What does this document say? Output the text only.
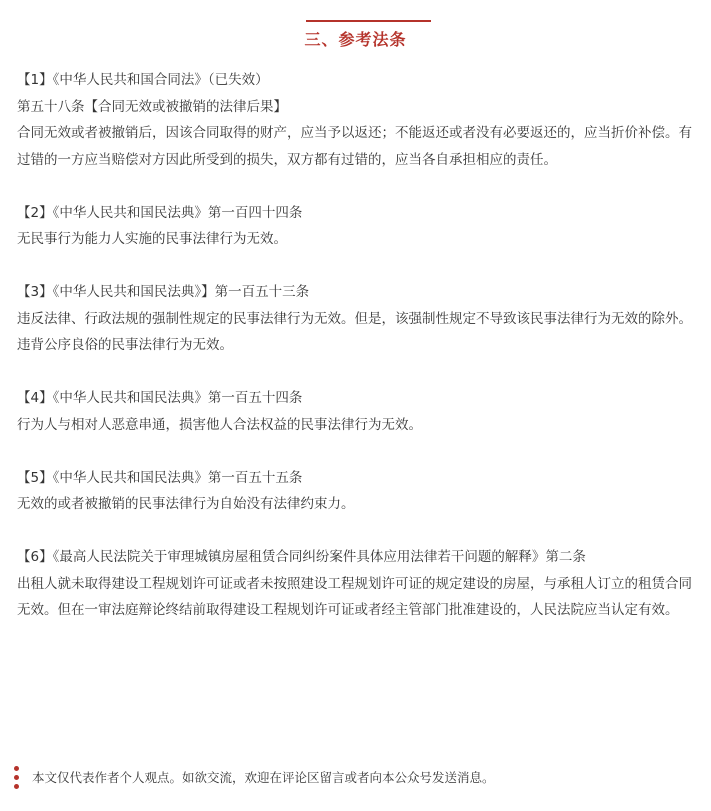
三、参考法条

【1】《中华人民共和国合同法》（已失效）

第五十八条【合同无效或被撤销的法律后果】

合同无效或者被撤销后，因该合同取得的财产，应当予以返还；不能返还或者没有必要返还的，应当折价补偿。有过错的一方应当赔偿对方因此所受到的损失，双方都有过错的，应当各自承担相应的责任。

【2】《中华人民共和国民法典》第一百四十四条

无民事行为能力人实施的民事法律行为无效。

【3】《中华人民共和国民法典》】第一百五十三条

违反法律、行政法规的强制性规定的民事法律行为无效。但是，该强制性规定不导致该民事法律行为无效的除外。

违背公序良俗的民事法律行为无效。

【4】《中华人民共和国民法典》第一百五十四条

行为人与相对人恶意串通，损害他人合法权益的民事法律行为无效。

【5】《中华人民共和国民法典》第一百五十五条

无效的或者被撤销的民事法律行为自始没有法律约束力。

【6】《最高人民法院关于审理城镇房屋租赁合同纠纷案件具体应用法律若干问题的解释》第二条

出租人就未取得建设工程规划许可证或者未按照建设工程规划许可证的规定建设的房屋，与承租人订立的租赁合同无效。但在一审法庭辩论终结前取得建设工程规划许可证或者经主管部门批准建设的，人民法院应当认定有效。

本文仅代表作者个人观点。如欲交流，欢迎在评论区留言或者向本公众号发送消息。
